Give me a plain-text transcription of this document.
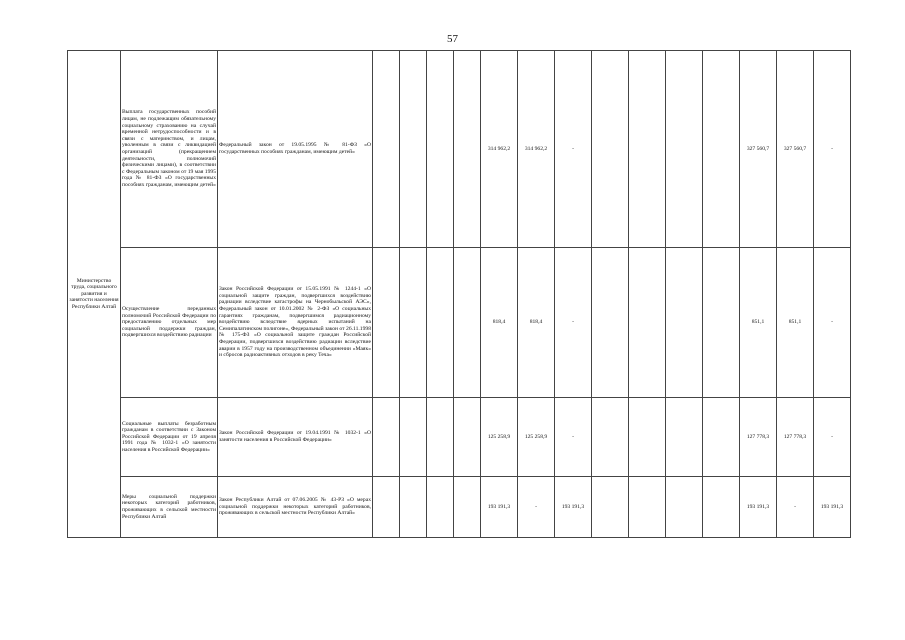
57
Министерство труда, социального развития и занятости населения Республики Алтай	Выплата государственных пособий лицам, не подлежащим обязательному социальному страхованию на случай временной нетрудоспособности и в связи с материнством, и лицам, уволенным в связи с ликвидацией организаций (прекращением деятельности, полномочий физическими лицами), в соответствии с Федеральным законом от 19 мая 1995 года № 81-ФЗ «О государственных пособиях гражданам, имеющим детей»	Федеральный закон от 19.05.1995 № 81-ФЗ «О государственных пособиях гражданам, имеющим детей»					314 962,2	314 962,2	-					327 560,7	327 560,7	-
	Осуществление переданных полномочий Российской Федерации по предоставлению отдельных мер социальной поддержки граждан, подвергшихся воздействию радиации	Закон Российской Федерации от 15.05.1991 № 1244-1 «О социальной защите граждан, подвергшихся воздействию радиации вследствие катастрофы на Чернобыльской АЭС», Федеральный закон от 10.01.2002 № 2-ФЗ «О социальных гарантиях гражданам, подвергшимся радиационному воздействию вследствие ядерных испытаний на Семипалатинском полигоне», Федеральный закон от 26.11.1998 № 175-ФЗ «О социальной защите граждан Российской Федерации, подвергшихся воздействию радиации вследствие аварии в 1957 году на производственном объединении «Маяк» и сбросов радиоактивных отходов в реку Теча»					818,4	818,4	-					851,1	851,1	-
	Социальные выплаты безработным гражданам в соответствии с Законом Российской Федерации от 19 апреля 1991 года № 1032-1 «О занятости населения в Российской Федерации»	Закон Российской Федерации от 19.04.1991 № 1032-1 «О занятости населения в Российской Федерации»					125 258,9	125 258,9	-					127 778,3	127 778,3	-
	Меры социальной поддержки некоторых категорий работников, проживающих в сельской местности Республики Алтай	Закон Республики Алтай от 07.06.2005 № 43-РЗ «О мерах социальной поддержки некоторых категорий работников, проживающих в сельской местности Республики Алтай»					193 191,3	-	193 191,3					193 191,3	-	193 191,3
